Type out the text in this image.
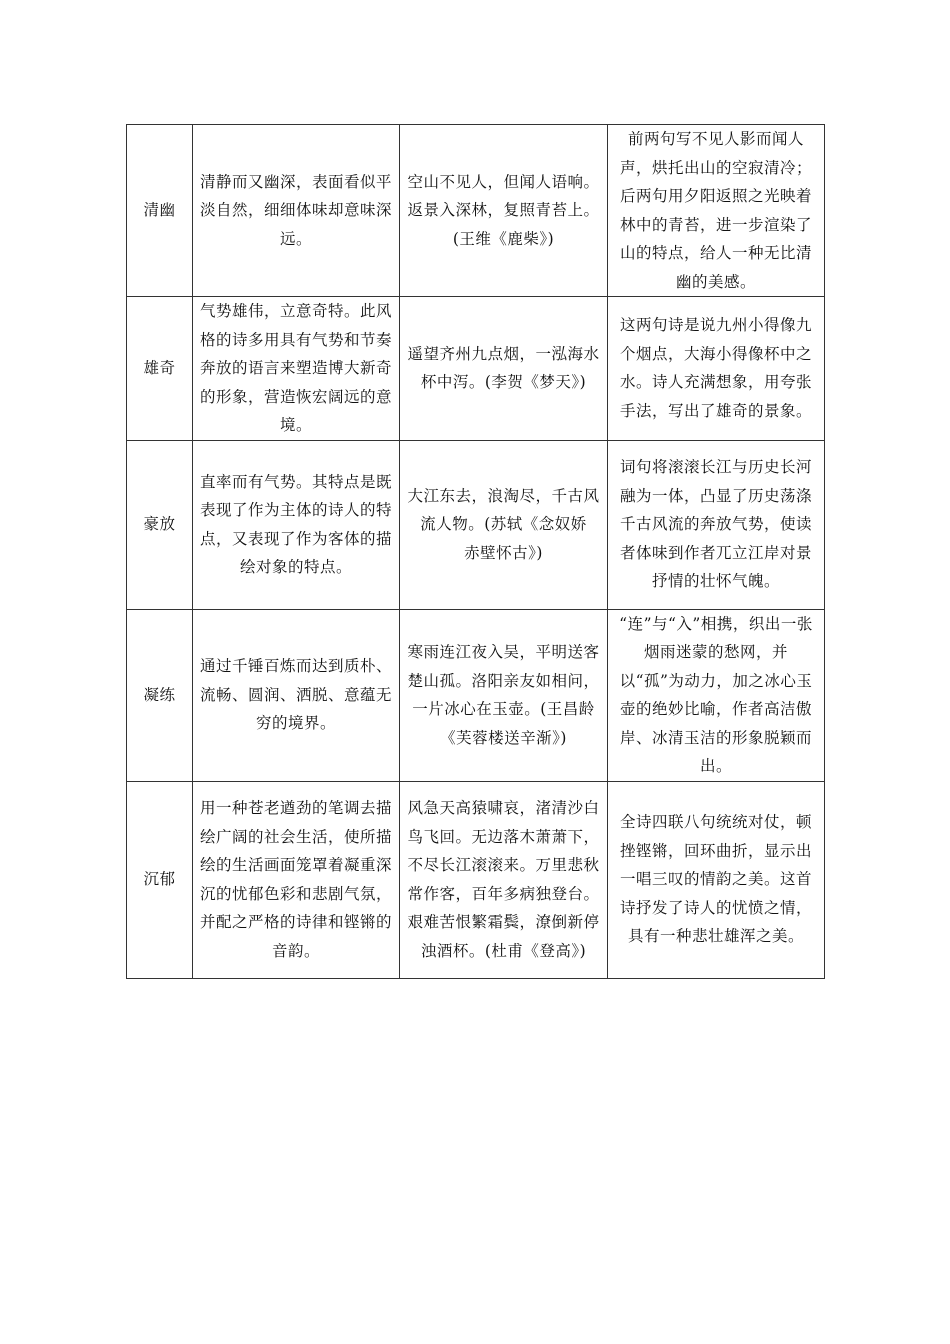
清幽	清静而又幽深，表面看似平淡自然，细细体味却意味深远。	空山不见人，但闻人语响。返景入深林，复照青苔上。(王维《鹿柴》)	前两句写不见人影而闻人声，烘托出山的空寂清冷；后两句用夕阳返照之光映着林中的青苔，进一步渲染了山的特点，给人一种无比清幽的美感。
雄奇	气势雄伟，立意奇特。此风格的诗多用具有气势和节奏奔放的语言来塑造博大新奇的形象，营造恢宏阔远的意境。	遥望齐州九点烟，一泓海水杯中泻。(李贺《梦天》)	这两句诗是说九州小得像九个烟点，大海小得像杯中之水。诗人充满想象，用夸张手法，写出了雄奇的景象。
豪放	直率而有气势。其特点是既表现了作为主体的诗人的特点，又表现了作为客体的描绘对象的特点。	大江东去，浪淘尽，千古风流人物。(苏轼《念奴娇　赤壁怀古》)	词句将滚滚长江与历史长河融为一体，凸显了历史荡涤千古风流的奔放气势，使读者体味到作者兀立江岸对景抒情的壮怀气魄。
凝练	通过千锤百炼而达到质朴、流畅、圆润、洒脱、意蕴无穷的境界。	寒雨连江夜入吴，平明送客楚山孤。洛阳亲友如相问，一片冰心在玉壶。(王昌龄《芙蓉楼送辛渐》)	“连”与“入”相携，织出一张烟雨迷蒙的愁网，并以“孤”为动力，加之冰心玉壶的绝妙比喻，作者高洁傲岸、冰清玉洁的形象脱颖而出。
沉郁	用一种苍老遒劲的笔调去描绘广阔的社会生活，使所描绘的生活画面笼罩着凝重深沉的忧郁色彩和悲剧气氛，并配之严格的诗律和铿锵的音韵。	风急天高猿啸哀，渚清沙白鸟飞回。无边落木萧萧下，不尽长江滚滚来。万里悲秋常作客，百年多病独登台。艰难苦恨繁霜鬓，潦倒新停浊酒杯。(杜甫《登高》)	全诗四联八句统统对仗，顿挫铿锵，回环曲折，显示出一唱三叹的情韵之美。这首诗抒发了诗人的忧愤之情，具有一种悲壮雄浑之美。
